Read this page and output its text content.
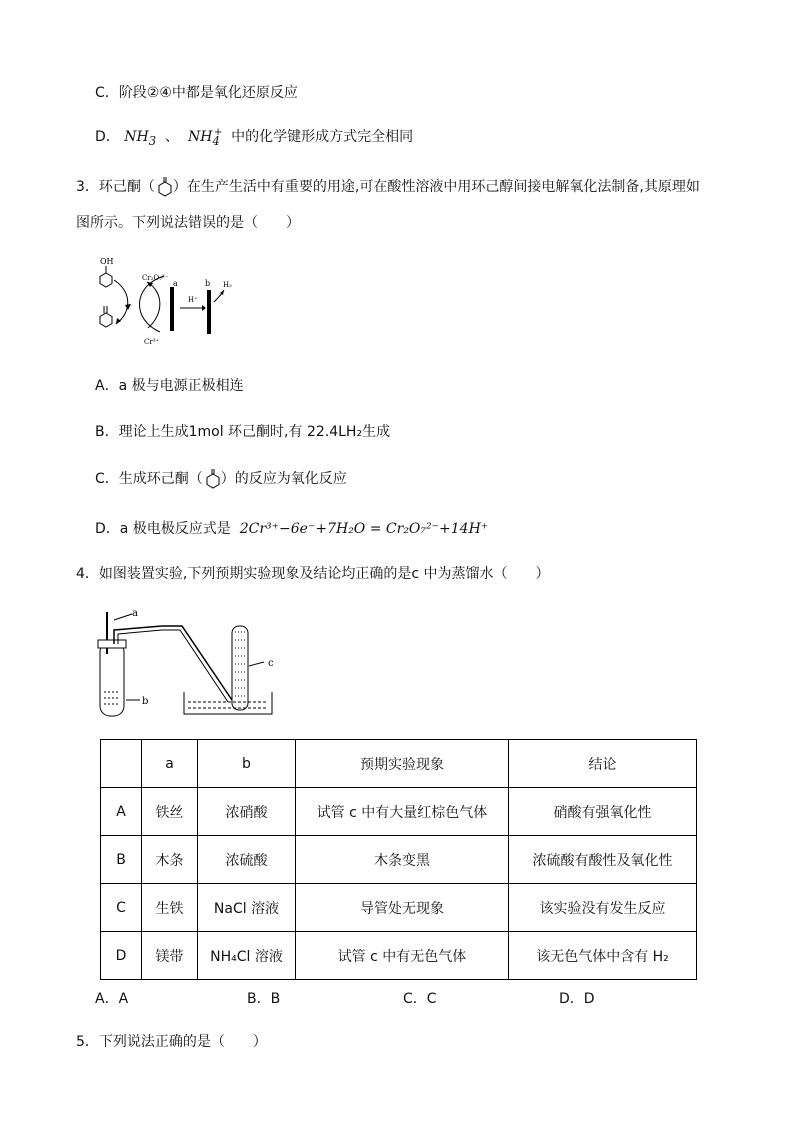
C．阶段②④中都是氧化还原反应
D． $NH_3$ 、 $NH_4^+$ 中的化学键形成方式完全相同
3．环己酮（ ）在生产生活中有重要的用途,可在酸性溶液中用环己醇间接电解氧化法制备,其原理如
图所示。下列说法错误的是（　　）
OH
Cr₂O₇²⁻
Cr³⁺
a	b
H⁺
H₂
A．a 极与电源正极相连
B．理论上生成1mol 环己酮时,有 22.4LH₂生成
C．生成环己酮（ ）的反应为氧化反应
D．a 极电极反应式是 2Cr³⁺−6e⁻+7H₂O = Cr₂O₇²⁻+14H⁺
4．如图装置实验,下列预期实验现象及结论均正确的是c 中为蒸馏水（　　）
a
b
c
	a	b	预期实验现象	结论
A	铁丝	浓硝酸	试管 c 中有大量红棕色气体	硝酸有强氧化性
B	木条	浓硫酸	木条变黑	浓硫酸有酸性及氧化性
C	生铁	NaCl 溶液	导管处无现象	该实验没有发生反应
D	镁带	NH₄Cl 溶液	试管 c 中有无色气体	该无色气体中含有 H₂
A．A	B．B	C．C	D．D
5．下列说法正确的是（　　）
